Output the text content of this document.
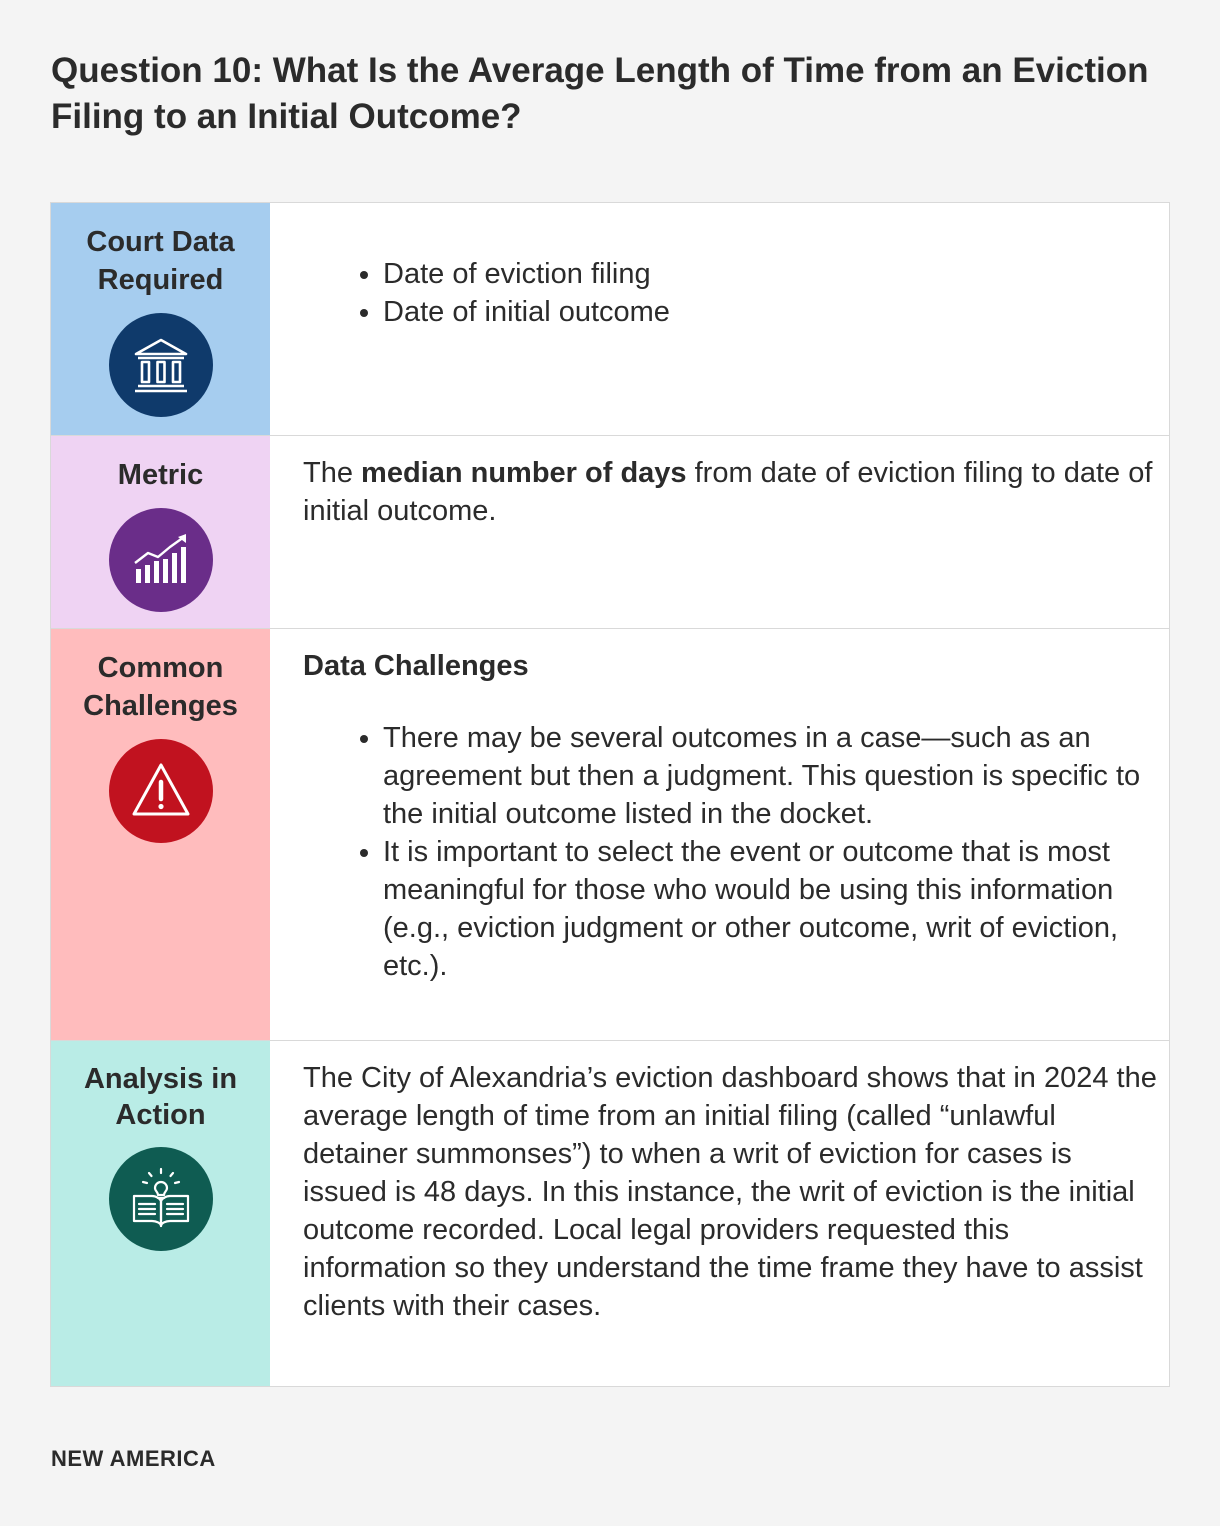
Question 10: What Is the Average Length of Time from an Eviction Filing to an Initial Outcome?
Court Data Required	• Date of eviction filing
• Date of initial outcome
Metric	The median number of days from date of eviction filing to date of initial outcome.

Common Challenges

Data Challenges

• There may be several outcomes in a case—such as an agreement but then a judgment. This question is specific to the initial outcome listed in the docket.
• It is important to select the event or outcome that is most meaningful for those who would be using this information (e.g., eviction judgment or other outcome, writ of eviction, etc.).
Analysis in Action

The City of Alexandria’s eviction dashboard shows that in 2024 the average length of time from an initial filing (called “unlawful detainer summonses”) to when a writ of eviction for cases is issued is 48 days. In this instance, the writ of eviction is the initial outcome recorded. Local legal providers requested this information so they understand the time frame they have to assist clients with their cases.

NEW AMERICA
